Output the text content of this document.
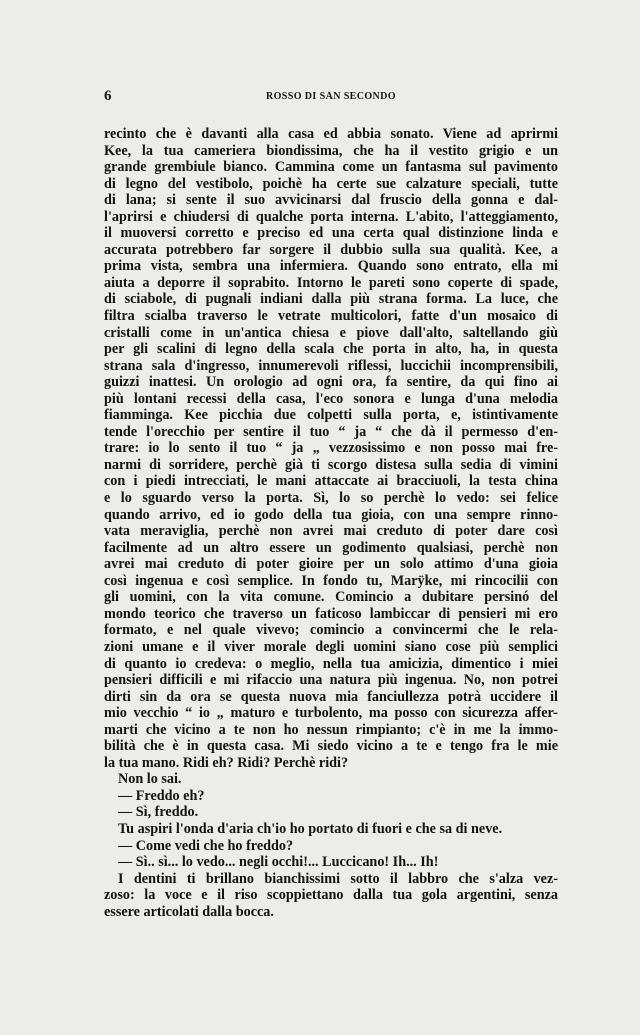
6	ROSSO DI SAN SECONDO
recinto che è davanti alla casa ed abbia sonato. Viene ad aprirmi
Kee, la tua cameriera biondissima, che ha il vestito grigio e un
grande grembiule bianco. Cammina come un fantasma sul pavimento
di legno del vestibolo, poichè ha certe sue calzature speciali, tutte
di lana; si sente il suo avvicinarsi dal fruscio della gonna e dal-
l'aprirsi e chiudersi di qualche porta interna. L'abito, l'atteggiamento,
il muoversi corretto e preciso ed una certa qual distinzione linda e
accurata potrebbero far sorgere il dubbio sulla sua qualità. Kee, a
prima vista, sembra una infermiera. Quando sono entrato, ella mi
aiuta a deporre il soprabito. Intorno le pareti sono coperte di spade,
di sciabole, di pugnali indiani dalla più strana forma. La luce, che
filtra scialba traverso le vetrate multicolori, fatte d'un mosaico di
cristalli come in un'antica chiesa e piove dall'alto, saltellando giù
per gli scalini di legno della scala che porta in alto, ha, in questa
strana sala d'ingresso, innumerevoli riflessi, luccichii incomprensibili,
guizzi inattesi. Un orologio ad ogni ora, fa sentire, da qui fino ai
più lontani recessi della casa, l'eco sonora e lunga d'una melodia
fiamminga. Kee picchia due colpetti sulla porta, e, istintivamente
tende l'orecchio per sentire il tuo “ ja “ che dà il permesso d'en-
trare: io lo sento il tuo “ ja „ vezzosissimo e non posso mai fre-
narmi di sorridere, perchè già ti scorgo distesa sulla sedia di vimini
con i piedi intrecciati, le mani attaccate ai bracciuoli, la testa china
e lo sguardo verso la porta. Sì, lo so perchè lo vedo: sei felice
quando arrivo, ed io godo della tua gioia, con una sempre rinno-
vata meraviglia, perchè non avrei mai creduto di poter dare così
facilmente ad un altro essere un godimento qualsiasi, perchè non
avrei mai creduto di poter gioire per un solo attimo d'una gioia
così ingenua e così semplice. In fondo tu, Marÿke, mi rincocilii con
gli uomini, con la vita comune. Comincio a dubitare persinó del
mondo teorico che traverso un faticoso lambiccar di pensieri mi ero
formato, e nel quale vivevo; comincio a convincermi che le rela-
zioni umane e il viver morale degli uomini siano cose più semplici
di quanto io credeva: o meglio, nella tua amicizia, dimentico i miei
pensieri difficili e mi rifaccio una natura più ingenua. No, non potrei
dirti sin da ora se questa nuova mia fanciullezza potrà uccidere il
mio vecchio “ io „ maturo e turbolento, ma posso con sicurezza affer-
marti che vicino a te non ho nessun rimpianto; c'è in me la immo-
bilità che è in questa casa. Mi siedo vicino a te e tengo fra le mie
la tua mano. Ridi eh? Ridi? Perchè ridi?
Non lo sai.
— Freddo eh?
— Sì, freddo.
Tu aspiri l'onda d'aria ch'io ho portato di fuori e che sa di neve.
— Come vedi che ho freddo?
— Sì.. sì... lo vedo... negli occhi!... Luccicano! Ih... Ih!
I dentini ti brillano bianchissimi sotto il labbro che s'alza vez-
zoso: la voce e il riso scoppiettano dalla tua gola argentini, senza
essere articolati dalla bocca.
